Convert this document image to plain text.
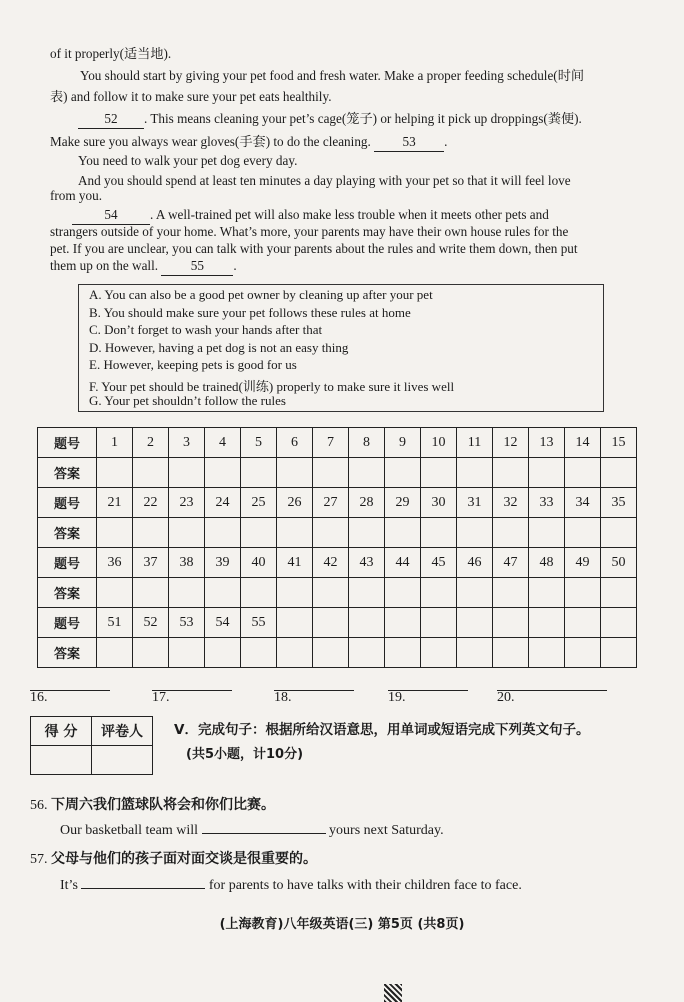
of it properly(适当地).
You should start by giving your pet food and fresh water. Make a proper feeding schedule(时间
表) and follow it to make sure your pet eats healthily.
52 . This means cleaning your pet’s cage(笼子) or helping it pick up droppings(粪便).
Make sure you always wear gloves(手套) to do the cleaning. 53 .
You need to walk your pet dog every day.
And you should spend at least ten minutes a day playing with your pet so that it will feel love
from you.
54 . A well-trained pet will also make less trouble when it meets other pets and
strangers outside of your home. What’s more, your parents may have their own house rules for the
pet. If you are unclear, you can talk with your parents about the rules and write them down, then put
them up on the wall. 55 .
A. You can also be a good pet owner by cleaning up after your pet
B. You should make sure your pet follows these rules at home
C. Don’t forget to wash your hands after that
D. However, having a pet dog is not an easy thing
E. However, keeping pets is good for us
F. Your pet should be trained(训练) properly to make sure it lives well
G. Your pet shouldn’t follow the rules
题号	1	2	3	4	5	6	7	8	9	10	11	12	13	14	15
答案															
题号	21	22	23	24	25	26	27	28	29	30	31	32	33	34	35
答案															
题号	36	37	38	39	40	41	42	43	44	45	46	47	48	49	50
答案															
题号	51	52	53	54	55										
答案															
16.	17.	18.	19.	20.
得 分	评卷人
	V．完成句子：根据所给汉语意思，用单词或短语完成下列英文句子。
(共5小题，计10分)
56. 下周六我们篮球队将会和你们比赛。
Our basketball team will	yours next Saturday.
57. 父母与他们的孩子面对面交谈是很重要的。
It’s	for parents to have talks with their children face to face.
(上海教育)八年级英语(三) 第5页 (共8页)
